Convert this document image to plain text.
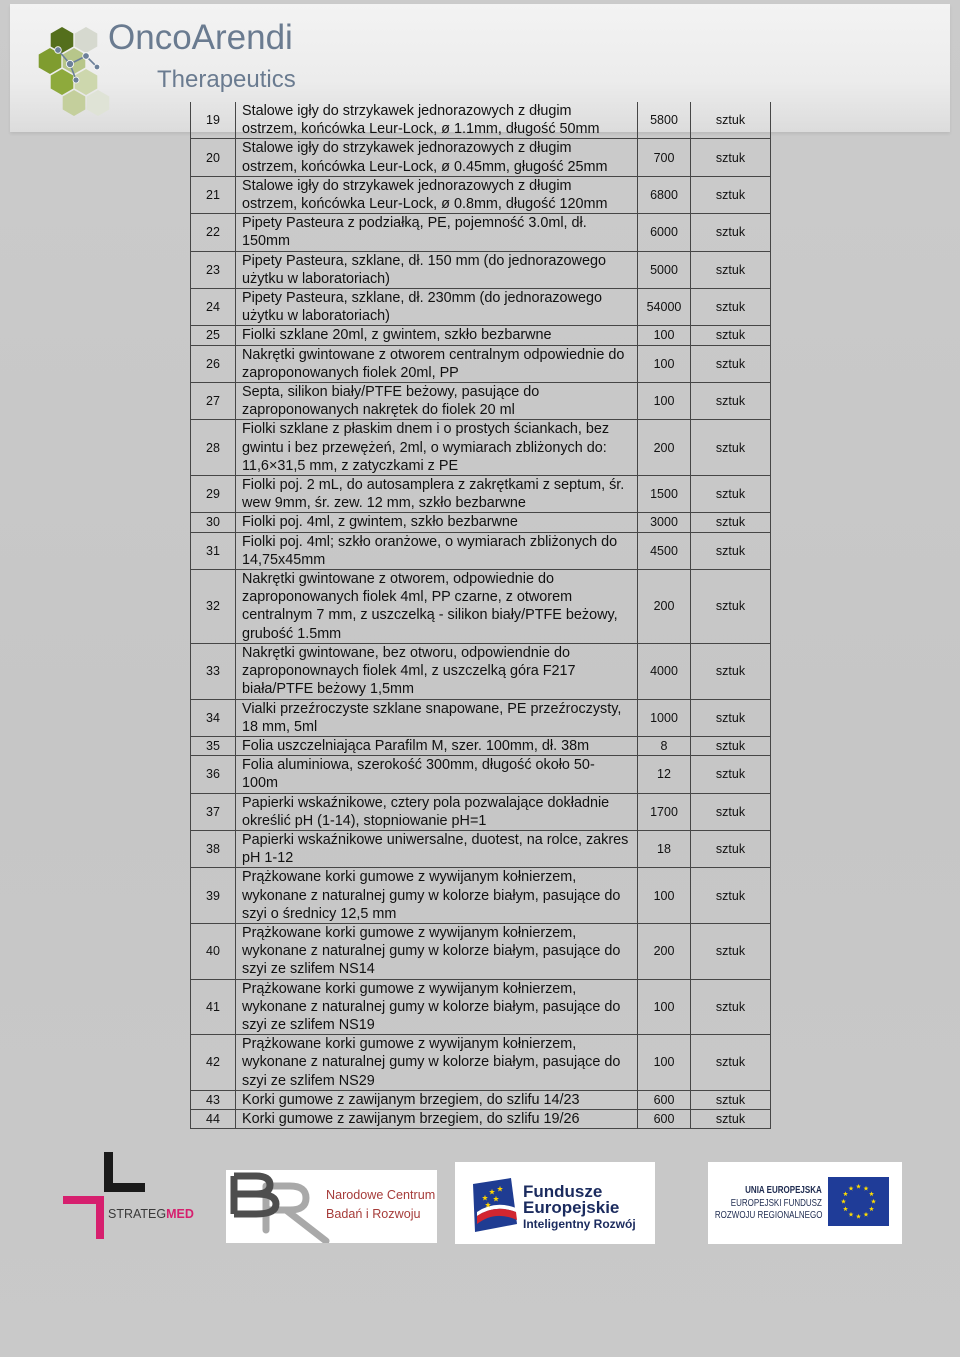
OncoArendi
Therapeutics
19	Stalowe igły do strzykawek jednorazowych z długim
ostrzem, końcówka Leur-Lock, ø 1.1mm, długość 50mm	5800	sztuk
20	Stalowe igły do strzykawek jednorazowych z długim
ostrzem, końcówka Leur-Lock, ø 0.45mm, gługość 25mm	700	sztuk
21	Stalowe igły do strzykawek jednorazowych z długim
ostrzem, końcówka Leur-Lock, ø 0.8mm, długość 120mm	6800	sztuk
22	Pipety Pasteura z podziałką, PE, pojemność 3.0ml, dł.
150mm	6000	sztuk
23	Pipety Pasteura, szklane, dł. 150 mm (do jednorazowego
użytku w laboratoriach)	5000	sztuk
24	Pipety Pasteura, szklane, dł. 230mm (do jednorazowego
użytku w laboratoriach)	54000	sztuk
25	Fiolki szklane 20ml, z gwintem, szkło bezbarwne	100	sztuk
26	Nakrętki gwintowane z otworem centralnym odpowiednie do
zaproponowanych fiolek 20ml, PP	100	sztuk
27	Septa, silikon biały/PTFE beżowy, pasujące do
zaproponowanych nakrętek do fiolek 20 ml	100	sztuk
28	Fiolki szklane z płaskim dnem i o prostych ściankach, bez
gwintu i bez przewężeń, 2ml, o wymiarach zbliżonych do:
11,6×31,5 mm, z zatyczkami z PE	200	sztuk
29	Fiolki poj. 2 mL, do autosamplera z zakrętkami z septum, śr.
wew 9mm, śr. zew. 12 mm, szkło bezbarwne	1500	sztuk
30	Fiolki poj. 4ml, z gwintem, szkło bezbarwne	3000	sztuk
31	Fiolki poj. 4ml; szkło oranżowe, o wymiarach zbliżonych do
14,75x45mm	4500	sztuk
32	Nakrętki gwintowane z otworem, odpowiednie do
zaproponowanych fiolek 4ml, PP czarne, z otworem
centralnym 7 mm, z uszczelką - silikon biały/PTFE beżowy,
grubość 1.5mm	200	sztuk
33	Nakrętki gwintowane, bez otworu, odpowiendnie do
zaproponownaych fiolek 4ml, z uszczelką góra F217
biała/PTFE beżowy 1,5mm	4000	sztuk
34	Vialki przeźroczyste szklane snapowane, PE przeźroczysty,
18 mm, 5ml	1000	sztuk
35	Folia uszczelniająca Parafilm M, szer. 100mm, dł. 38m	8	sztuk
36	Folia aluminiowa, szerokość 300mm, długość około 50-
100m	12	sztuk
37	Papierki wskaźnikowe, cztery pola pozwalające dokładnie
określić pH (1-14), stopniowanie pH=1	1700	sztuk
38	Papierki wskaźnikowe uniwersalne, duotest, na rolce, zakres
pH 1-12	18	sztuk
39	Prążkowane korki gumowe z wywijanym kołnierzem,
wykonane z naturalnej gumy w kolorze białym, pasujące do
szyi o średnicy 12,5 mm	100	sztuk
40	Prążkowane korki gumowe z wywijanym kołnierzem,
wykonane z naturalnej gumy w kolorze białym, pasujące do
szyi ze szlifem NS14	200	sztuk
41	Prążkowane korki gumowe z wywijanym kołnierzem,
wykonane z naturalnej gumy w kolorze białym, pasujące do
szyi ze szlifem NS19	100	sztuk
42	Prążkowane korki gumowe z wywijanym kołnierzem,
wykonane z naturalnej gumy w kolorze białym, pasujące do
szyi ze szlifem NS29	100	sztuk
43	Korki gumowe z zawijanym brzegiem, do szlifu 14/23	600	sztuk
44	Korki gumowe z zawijanym brzegiem, do szlifu 19/26	600	sztuk
STRATEGMED
Narodowe Centrum
Badań i Rozwoju
Fundusze
Europejskie
Inteligentny Rozwój
UNIA EUROPEJSKA
EUROPEJSKI FUNDUSZ
ROZWOJU REGIONALNEGO
